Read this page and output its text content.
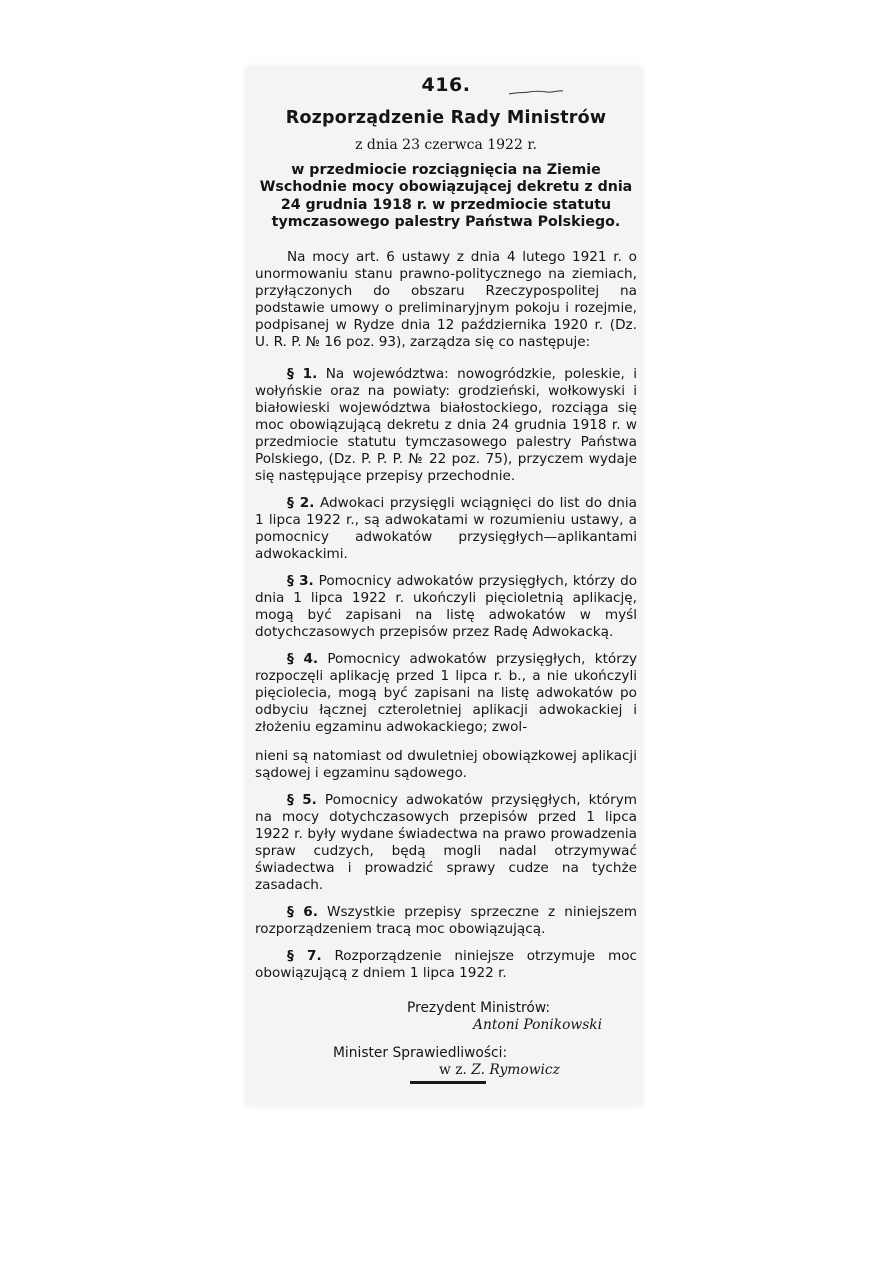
416.
Rozporządzenie Rady Ministrów
z dnia 23 czerwca 1922 r.
w przedmiocie rozciągnięcia na Ziemie Wschodnie mocy obowiązującej dekretu z dnia 24 grudnia 1918 r. w przedmiocie statutu tymczasowego palestry Państwa Polskiego.

Na mocy art. 6 ustawy z dnia 4 lutego 1921 r. o unormowaniu stanu prawno-politycznego na ziemiach, przyłączonych do obszaru Rzeczypospolitej na podstawie umowy o preliminaryjnym pokoju i rozejmie, podpisanej w Rydze dnia 12 października 1920 r. (Dz. U. R. P. № 16 poz. 93), zarządza się co następuje:

§ 1. Na województwa: nowogródzkie, poleskie, i wołyńskie oraz na powiaty: grodzieński, wołkowyski i białowieski województwa białostockiego, rozciąga się moc obowiązującą dekretu z dnia 24 grudnia 1918 r. w przedmiocie statutu tymczasowego palestry Państwa Polskiego, (Dz. P. P. P. № 22 poz. 75), przyczem wydaje się następujące przepisy przechodnie.

§ 2. Adwokaci przysięgli wciągnięci do list do dnia 1 lipca 1922 r., są adwokatami w rozumieniu ustawy, a pomocnicy adwokatów przysięgłych—aplikantami adwokackimi.

§ 3. Pomocnicy adwokatów przysięgłych, którzy do dnia 1 lipca 1922 r. ukończyli pięcioletnią aplikację, mogą być zapisani na listę adwokatów w myśl dotychczasowych przepisów przez Radę Adwokacką.

§ 4. Pomocnicy adwokatów przysięgłych, którzy rozpoczęli aplikację przed 1 lipca r. b., a nie ukończyli pięciolecia, mogą być zapisani na listę adwokatów po odbyciu łącznej czteroletniej aplikacji adwokackiej i złożeniu egzaminu adwokackiego; zwol-

nieni są natomiast od dwuletniej obowiązkowej aplikacji sądowej i egzaminu sądowego.

§ 5. Pomocnicy adwokatów przysięgłych, którym na mocy dotychczasowych przepisów przed 1 lipca 1922 r. były wydane świadectwa na prawo prowadzenia spraw cudzych, będą mogli nadal otrzymywać świadectwa i prowadzić sprawy cudze na tychże zasadach.

§ 6. Wszystkie przepisy sprzeczne z niniejszem rozporządzeniem tracą moc obowiązującą.

§ 7. Rozporządzenie niniejsze otrzymuje moc obowiązującą z dniem 1 lipca 1922 r.

Prezydent Ministrów:
Antoni Ponikowski
Minister Sprawiedliwości:
w z. Z. Rymowicz
